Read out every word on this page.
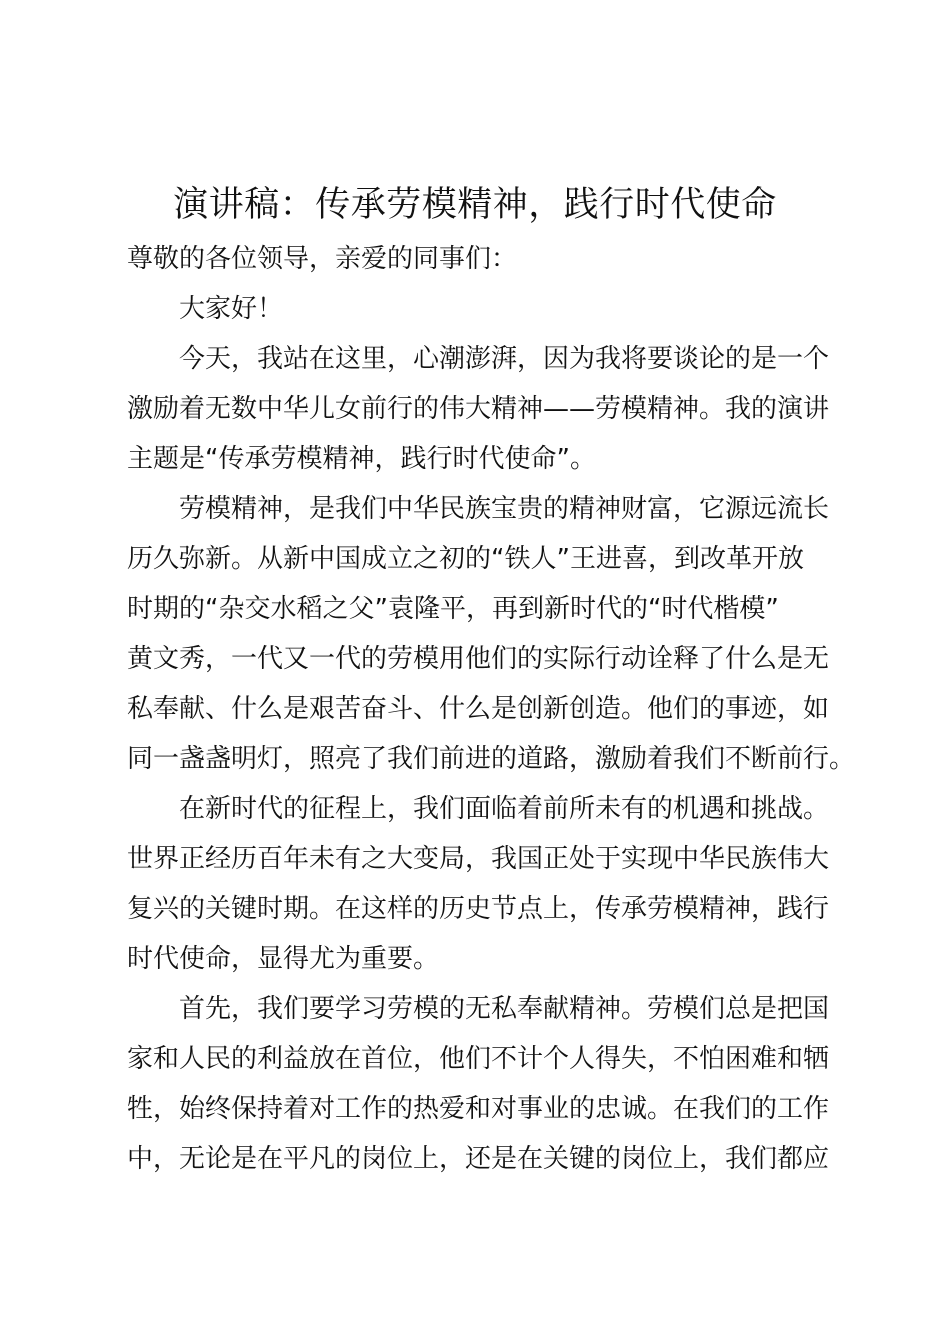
演讲稿：传承劳模精神，践行时代使命
尊敬的各位领导，亲爱的同事们：
大家好！
今天，我站在这里，心潮澎湃，因为我将要谈论的是一个
激励着无数中华儿女前行的伟大精神——劳模精神。我的演讲
主题是“传承劳模精神，践行时代使命”。
劳模精神，是我们中华民族宝贵的精神财富，它源远流长
历久弥新。从新中国成立之初的“铁人”王进喜，到改革开放
时期的“杂交水稻之父”袁隆平，再到新时代的“时代楷模”
黄文秀，一代又一代的劳模用他们的实际行动诠释了什么是无
私奉献、什么是艰苦奋斗、什么是创新创造。他们的事迹，如
同一盏盏明灯，照亮了我们前进的道路，激励着我们不断前行。
在新时代的征程上，我们面临着前所未有的机遇和挑战。
世界正经历百年未有之大变局，我国正处于实现中华民族伟大
复兴的关键时期。在这样的历史节点上，传承劳模精神，践行
时代使命，显得尤为重要。
首先，我们要学习劳模的无私奉献精神。劳模们总是把国
家和人民的利益放在首位，他们不计个人得失，不怕困难和牺
牲，始终保持着对工作的热爱和对事业的忠诚。在我们的工作
中，无论是在平凡的岗位上，还是在关键的岗位上，我们都应
